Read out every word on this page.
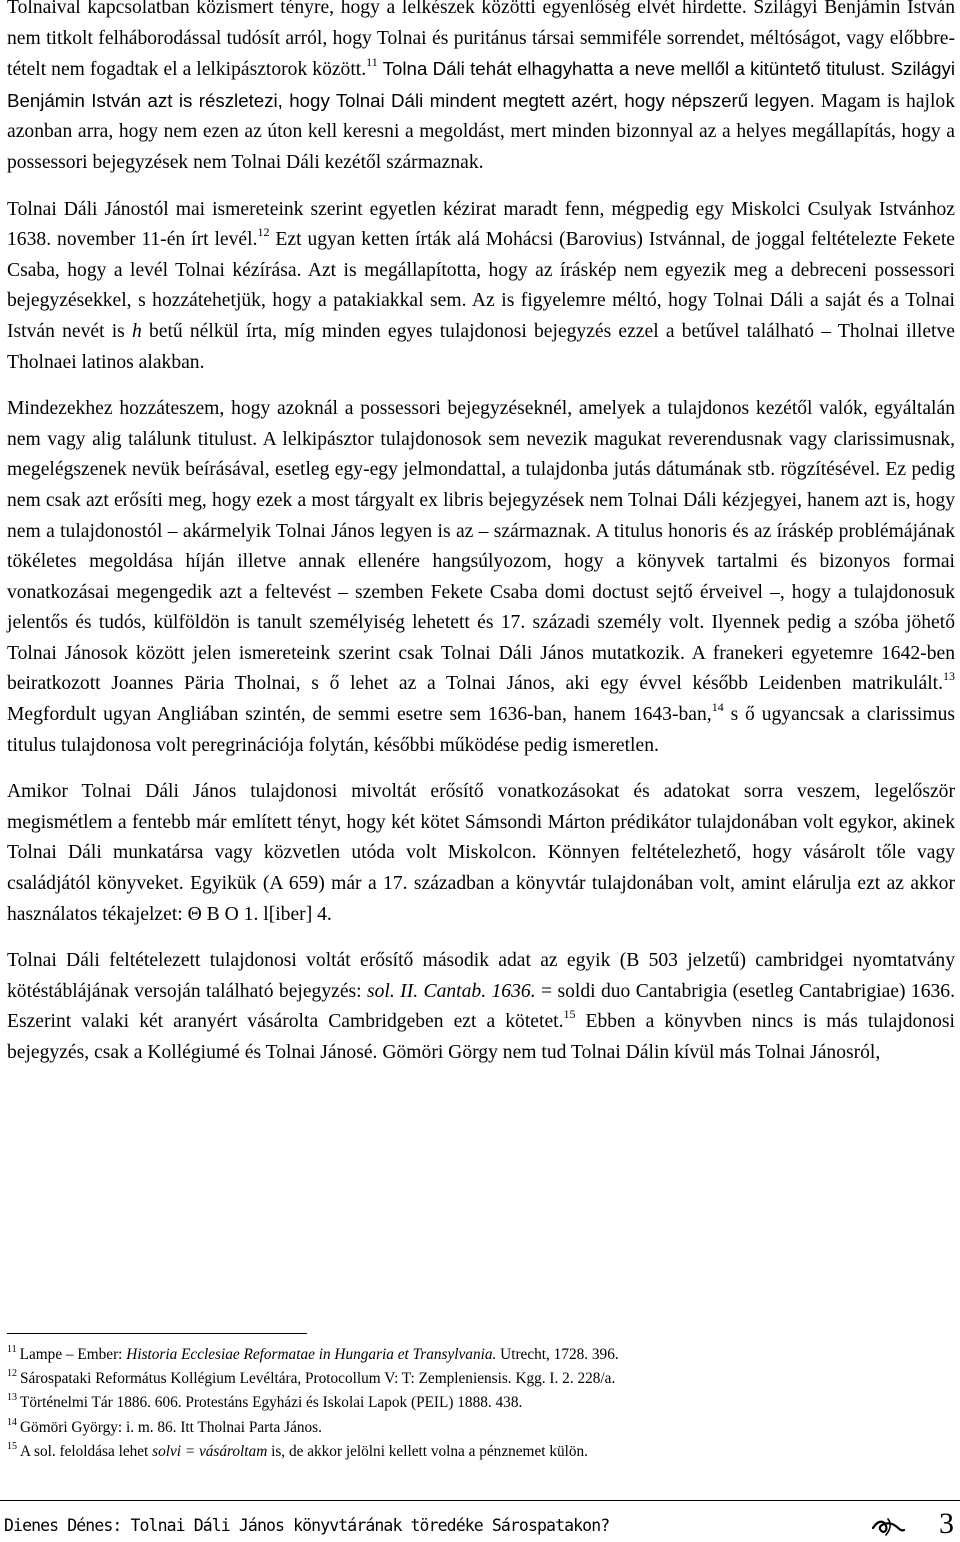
Tolnaival kapcsolatban közismert tényre, hogy a lelkészek közötti egyenlőség elvét hirdette. Szilágyi Benjámin István nem titkolt felháborodással tudósít arról, hogy Tolnai és puritánus társai semmiféle sorrendet, méltóságot, vagy előbbre-tételt nem fogadtak el a lelkipásztorok között.$^{11}$ Tolna Dáli tehát elhagyhatta a neve mellől a kitüntető titulust. Szilágyi Benjámin István azt is részletezi, hogy Tolnai Dáli mindent megtett azért, hogy népszerű legyen. Magam is hajlok azonban arra, hogy nem ezen az úton kell keresni a megoldást, mert minden bizonnyal az a helyes megállapítás, hogy a possessori bejegyzések nem Tolnai Dáli kezétől származnak.

Tolnai Dáli Jánostól mai ismereteink szerint egyetlen kézirat maradt fenn, mégpedig egy Miskolci Csulyak Istvánhoz 1638. november 11-én írt levél.$^{12}$ Ezt ugyan ketten írták alá Mohácsi (Barovius) Istvánnal, de joggal feltételezte Fekete Csaba, hogy a levél Tolnai kézírása. Azt is megállapította, hogy az íráskép nem egyezik meg a debreceni possessori bejegyzésekkel, s hozzátehetjük, hogy a patakiakkal sem. Az is figyelemre méltó, hogy Tolnai Dáli a saját és a Tolnai István nevét is h betű nélkül írta, míg minden egyes tulajdonosi bejegyzés ezzel a betűvel található – Tholnai illetve Tholnaei latinos alakban.

Mindezekhez hozzáteszem, hogy azoknál a possessori bejegyzéseknél, amelyek a tulajdonos kezétől valók, egyáltalán nem vagy alig találunk titulust. A lelkipásztor tulajdonosok sem nevezik magukat reverendusnak vagy clarissimusnak, megelégszenek nevük beírásával, esetleg egy-egy jelmondattal, a tulajdonba jutás dátumának stb. rögzítésével. Ez pedig nem csak azt erősíti meg, hogy ezek a most tárgyalt ex libris bejegyzések nem Tolnai Dáli kézjegyei, hanem azt is, hogy nem a tulajdonostól – akármelyik Tolnai János legyen is az – származnak. A titulus honoris és az íráskép problémájának tökéletes megoldása híján illetve annak ellenére hangsúlyozom, hogy a könyvek tartalmi és bizonyos formai vonatkozásai megengedik azt a feltevést – szemben Fekete Csaba domi doctust sejtő érveivel –, hogy a tulajdonosuk jelentős és tudós, külföldön is tanult személyiség lehetett és 17. századi személy volt. Ilyennek pedig a szóba jöhető Tolnai Jánosok között jelen ismereteink szerint csak Tolnai Dáli János mutatkozik. A franekeri egyetemre 1642-ben beiratkozott Joannes Päria Tholnai, s ő lehet az a Tolnai János, aki egy évvel később Leidenben matrikulált.$^{13}$ Megfordult ugyan Angliában szintén, de semmi esetre sem 1636-ban, hanem 1643-ban,$^{14}$ s ő ugyancsak a clarissimus titulus tulajdonosa volt peregrinációja folytán, későbbi működése pedig ismeretlen.

Amikor Tolnai Dáli János tulajdonosi mivoltát erősítő vonatkozásokat és adatokat sorra veszem, legelőször megismétlem a fentebb már említett tényt, hogy két kötet Sámsondi Márton prédikátor tulajdonában volt egykor, akinek Tolnai Dáli munkatársa vagy közvetlen utóda volt Miskolcon. Könnyen feltételezhető, hogy vásárolt tőle vagy családjától könyveket. Egyikük (A 659) már a 17. században a könyvtár tulajdonában volt, amint elárulja ezt az akkor használatos tékajelzet: Θ B O 1. l[iber] 4.

Tolnai Dáli feltételezett tulajdonosi voltát erősítő második adat az egyik (B 503 jelzetű) cambridgei nyomtatvány kötéstáblájának versoján található bejegyzés: sol. II. Cantab. 1636. = soldi duo Cantabrigia (esetleg Cantabrigiae) 1636. Eszerint valaki két aranyért vásárolta Cambridgeben ezt a kötetet.$^{15}$ Ebben a könyvben nincs is más tulajdonosi bejegyzés, csak a Kollégiumé és Tolnai Jánosé. Gömöri Görgy nem tud Tolnai Dálin kívül más Tolnai Jánosról,

$^{11}$ Lampe – Ember: Historia Ecclesiae Reformatae in Hungaria et Transylvania. Utrecht, 1728. 396.

$^{12}$ Sárospataki Református Kollégium Levéltára, Protocollum V: T: Zempleniensis. Kgg. I. 2. 228/a.

$^{13}$ Történelmi Tár 1886. 606. Protestáns Egyházi és Iskolai Lapok (PEIL) 1888. 438.

$^{14}$ Gömöri György: i. m. 86. Itt Tholnai Parta János.

$^{15}$ A sol. feloldása lehet solvi = vásároltam is, de akkor jelölni kellett volna a pénznemet külön.

Dienes Dénes: Tolnai Dáli János könyvtárának töredéke Sárospatakon?	3
